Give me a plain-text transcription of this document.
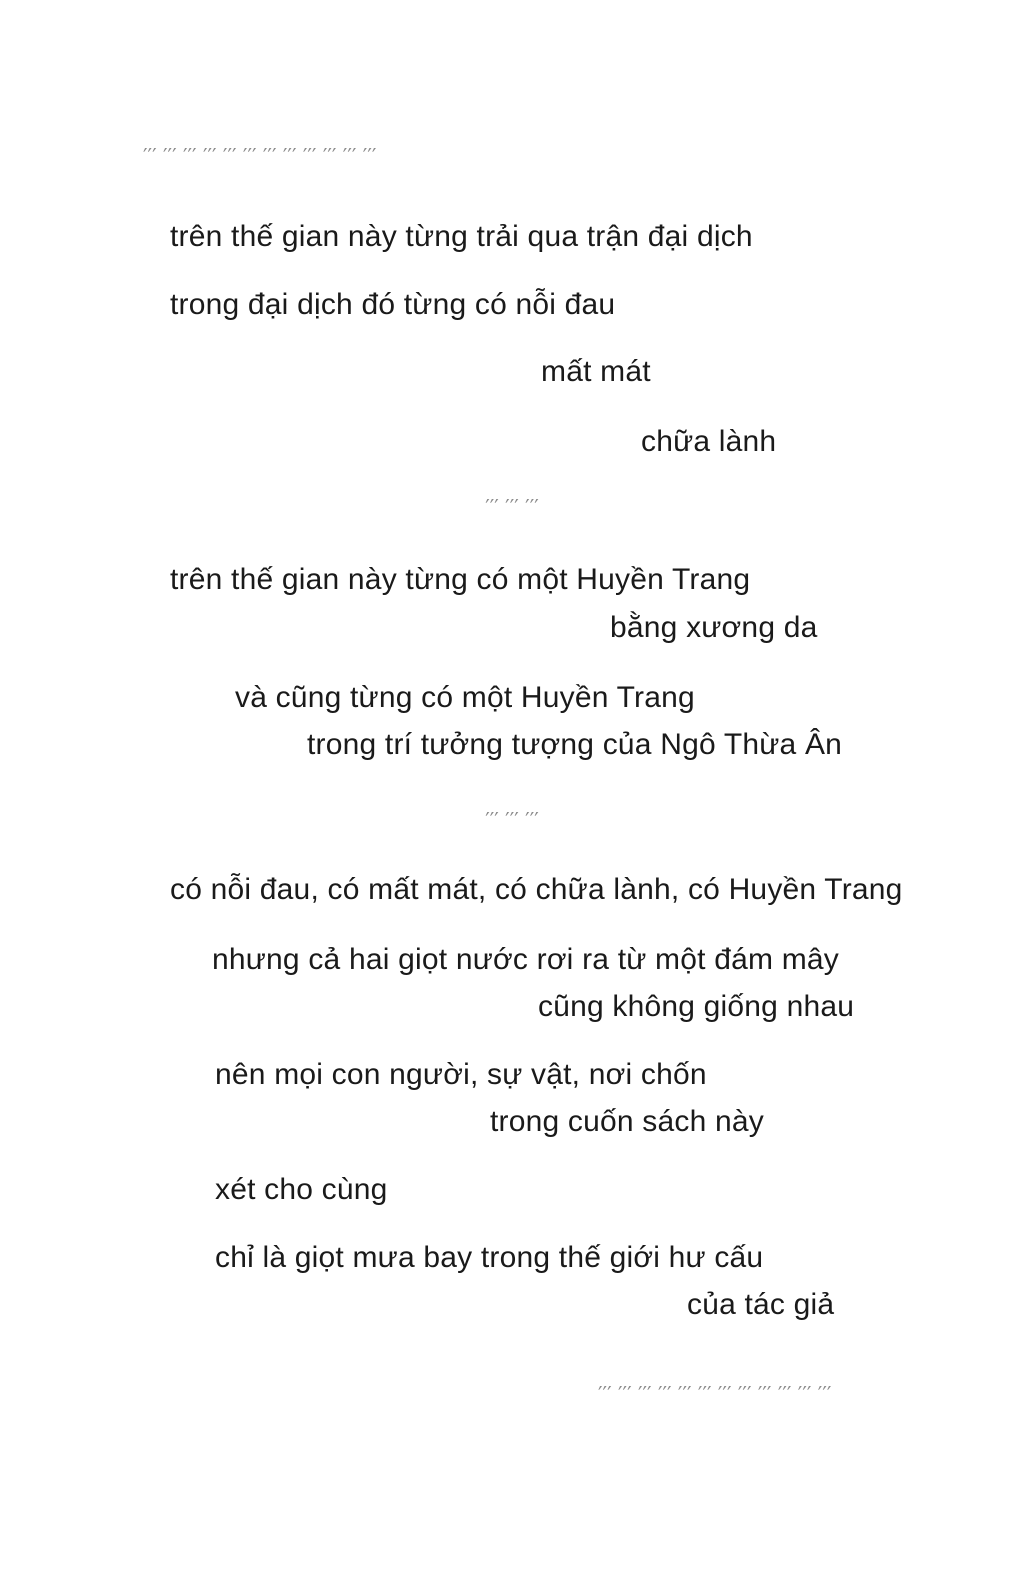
′′′ ′′′ ′′′ ′′′ ′′′ ′′′ ′′′ ′′′ ′′′ ′′′ ′′′ ′′′
trên thế gian này từng trải qua trận đại dịch
trong đại dịch đó từng có nỗi đau
mất mát
chữa lành
′′′ ′′′ ′′′
trên thế gian này từng có một Huyền Trang
bằng xương da
và cũng từng có một Huyền Trang
trong trí tưởng tượng của Ngô Thừa Ân
′′′ ′′′ ′′′
có nỗi đau, có mất mát, có chữa lành, có Huyền Trang
nhưng cả hai giọt nước rơi ra từ một đám mây
cũng không giống nhau
nên mọi con người, sự vật, nơi chốn
trong cuốn sách này
xét cho cùng
chỉ là giọt mưa bay trong thế giới hư cấu
của tác giả
′′′ ′′′ ′′′ ′′′ ′′′ ′′′ ′′′ ′′′ ′′′ ′′′ ′′′ ′′′
